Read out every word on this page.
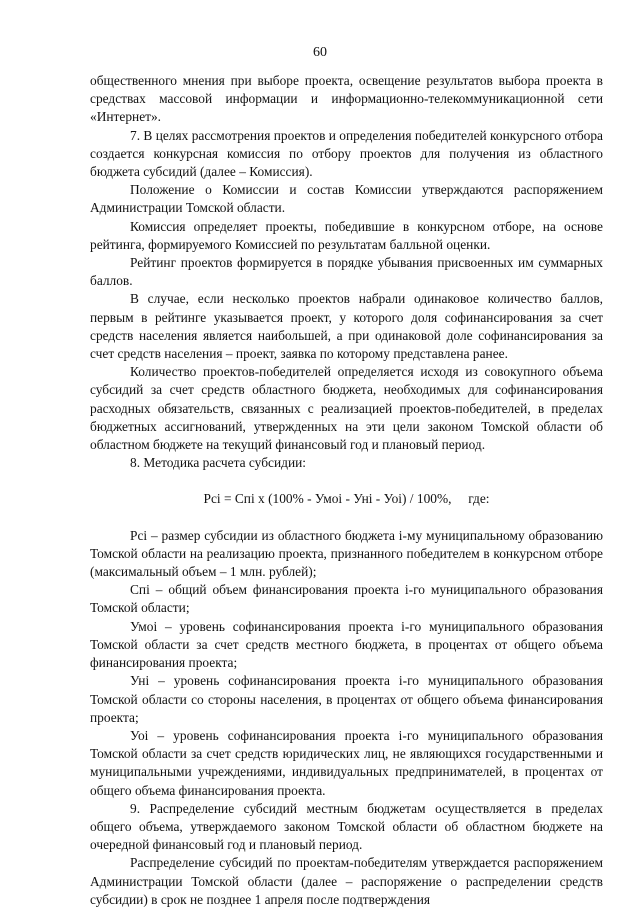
60

общественного мнения при выборе проекта, освещение результатов выбора проекта в средствах массовой информации и информационно-телекоммуникационной сети «Интернет».

7. В целях рассмотрения проектов и определения победителей конкурсного отбора создается конкурсная комиссия по отбору проектов для получения из областного бюджета субсидий (далее – Комиссия).

Положение о Комиссии и состав Комиссии утверждаются распоряжением Администрации Томской области.

Комиссия определяет проекты, победившие в конкурсном отборе, на основе рейтинга, формируемого Комиссией по результатам балльной оценки.

Рейтинг проектов формируется в порядке убывания присвоенных им суммарных баллов.

В случае, если несколько проектов набрали одинаковое количество баллов, первым в рейтинге указывается проект, у которого доля софинансирования за счет средств населения является наибольшей, а при одинаковой доле софинансирования за счет средств населения – проект, заявка по которому представлена ранее.

Количество проектов-победителей определяется исходя из совокупного объема субсидий за счет средств областного бюджета, необходимых для софинансирования расходных обязательств, связанных с реализацией проектов-победителей, в пределах бюджетных ассигнований, утвержденных на эти цели законом Томской области об областном бюджете на текущий финансовый год и плановый период.

8. Методика расчета субсидии:

Рсi = Спi x (100% - Умоi - Унi - Уоi) / 100%,     где:

Рсi – размер субсидии из областного бюджета i-му муниципальному образованию Томской области на реализацию проекта, признанного победителем в конкурсном отборе (максимальный объем – 1 млн. рублей);

Спi – общий объем финансирования проекта i-го муниципального образования Томской области;

Умоi – уровень софинансирования проекта i-го муниципального образования Томской области за счет средств местного бюджета, в процентах от общего объема финансирования проекта;

Унi – уровень софинансирования проекта i-го муниципального образования Томской области со стороны населения, в процентах от общего объема финансирования проекта;

Уоi – уровень софинансирования проекта i-го муниципального образования Томской области за счет средств юридических лиц, не являющихся государственными и муниципальными учреждениями, индивидуальных предпринимателей, в процентах от общего объема финансирования проекта.

9. Распределение субсидий местным бюджетам осуществляется в пределах общего объема, утверждаемого законом Томской области об областном бюджете на очередной финансовый год и плановый период.

Распределение субсидий по проектам-победителям утверждается распоряжением Администрации Томской области (далее – распоряжение о распределении средств субсидии) в срок не позднее 1 апреля после подтверждения
